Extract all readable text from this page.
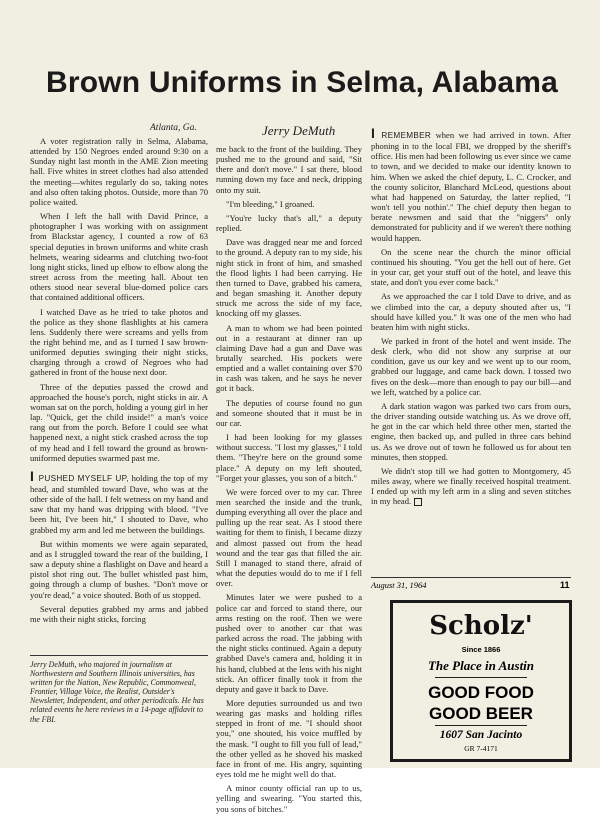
Brown Uniforms in Selma, Alabama
Atlanta, Ga.	Jerry DeMuth

A voter registration rally in Selma, Alabama, attended by 150 Negroes ended around 9:30 on a Sunday night last month in the AME Zion meeting hall. Five whites in street clothes had also attended the meeting—whites regularly do so, taking notes and also often taking photos. Outside, more than 70 police waited.

When I left the hall with David Prince, a photographer I was working with on assignment from Blackstar agency, I counted a row of 63 special deputies in brown uniforms and white crash helmets, wearing sidearms and clutching two-foot long night sticks, lined up elbow to elbow along the street across from the meeting hall. About ten others stood near several blue-domed police cars that contained additional officers.

I watched Dave as he tried to take photos and the police as they shone flashlights at his camera lens. Suddenly there were screams and yells from the right behind me, and as I turned I saw brown-uniformed deputies swinging their night sticks, charging through a crowd of Negroes who had gathered in front of the house next door.

Three of the deputies passed the crowd and approached the house's porch, night sticks in air. A woman sat on the porch, holding a young girl in her lap. "Quick, get the child inside!" a man's voice rang out from the porch. Before I could see what happened next, a night stick crashed across the top of my head and I fell toward the ground as brown-uniformed deputies swarmed past me.

I PUSHED MYSELF UP, holding the top of my head, and stumbled toward Dave, who was at the other side of the hall. I felt wetness on my hand and saw that my hand was dripping with blood. "I've been hit, I've been hit," I shouted to Dave, who grabbed my arm and led me between the buildings.

But within moments we were again separated, and as I struggled toward the rear of the building, I saw a deputy shine a flashlight on Dave and heard a pistol shot ring out. The bullet whistled past him, going through a clump of bushes. "Don't move or you're dead," a voice shouted. Both of us stopped.

Several deputies grabbed my arms and jabbed me with their night sticks, forcing

Jerry DeMuth, who majored in journalism at Northwestern and Southern Illinois universities, has written for the Nation, New Republic, Commonweal, Frontier, Village Voice, the Realist, Outsider's Newsletter, Independent, and other periodicals. He has related events he here reviews in a 14-page affidavit to the FBI.

me back to the front of the building. They pushed me to the ground and said, "Sit there and don't move." I sat there, blood running down my face and neck, dripping onto my suit.

"I'm bleeding," I groaned.

"You're lucky that's all," a deputy replied.

Dave was dragged near me and forced to the ground. A deputy ran to my side, his night stick in front of him, and smashed the flood lights I had been carrying. He then turned to Dave, grabbed his camera, and began smashing it. Another deputy struck me across the side of my face, knocking off my glasses.

A man to whom we had been pointed out in a restaurant at dinner ran up claiming Dave had a gun and Dave was brutally searched. His pockets were emptied and a wallet containing over $70 in cash was taken, and he says he never got it back.

The deputies of course found no gun and someone shouted that it must be in our car.

I had been looking for my glasses without success. "I lost my glasses," I told them. "They're here on the ground some place." A deputy on my left shouted, "Forget your glasses, you son of a bitch."

We were forced over to my car. Three men searched the inside and the trunk, dumping everything all over the place and pulling up the rear seat. As I stood there waiting for them to finish, I became dizzy and almost passed out from the head wound and the tear gas that filled the air. Still I managed to stand there, afraid of what the deputies would do to me if I fell over.

Minutes later we were pushed to a police car and forced to stand there, our arms resting on the roof. Then we were pushed over to another car that was parked across the road. The jabbing with the night sticks continued. Again a deputy grabbed Dave's camera and, holding it in his hand, clubbed at the lens with his night stick. An officer finally took it from the deputy and gave it back to Dave.

More deputies surrounded us and two wearing gas masks and holding rifles stepped in front of me. "I should shoot you," one shouted, his voice muffled by the mask. "I ought to fill you full of lead," the other yelled as he shoved his masked face in front of me. His angry, squinting eyes told me he might well do that.

A minor county official ran up to us, yelling and swearing. "You started this, you sons of bitches."

I REMEMBER when we had arrived in town. After phoning in to the local FBI, we dropped by the sheriff's office. His men had been following us ever since we came to town, and we decided to make our identity known to him. When we asked the chief deputy, L. C. Crocker, and the county solicitor, Blanchard McLeod, questions about what had happened on Saturday, the latter replied, "I won't tell you nothin'." The chief deputy then began to berate newsmen and said that the "niggers" only demonstrated for publicity and if we weren't there nothing would happen.

On the scene near the church the minor official continued his shouting. "You get the hell out of here. Get in your car, get your stuff out of the hotel, and leave this state, and don't you ever come back."

As we approached the car I told Dave to drive, and as we climbed into the car, a deputy shouted after us, "I should have killed you." It was one of the men who had beaten him with night sticks.

We parked in front of the hotel and went inside. The desk clerk, who did not show any surprise at our condition, gave us our key and we went up to our room, grabbed our luggage, and came back down. I tossed two fives on the desk—more than enough to pay our bill—and we left, watched by a police car.

A dark station wagon was parked two cars from ours, the driver standing outside watching us. As we drove off, he got in the car which held three other men, started the engine, then backed up, and pulled in three cars behind us. As we drove out of town he followed us for about ten minutes, then stopped.

We didn't stop till we had gotten to Montgomery, 45 miles away, where we finally received hospital treatment. I ended up with my left arm in a sling and seven stitches in my head.

August 31, 1964	11
Scholz'
Since 1866
The Place in Austin
GOOD FOOD
GOOD BEER
1607 San Jacinto
GR 7-4171
